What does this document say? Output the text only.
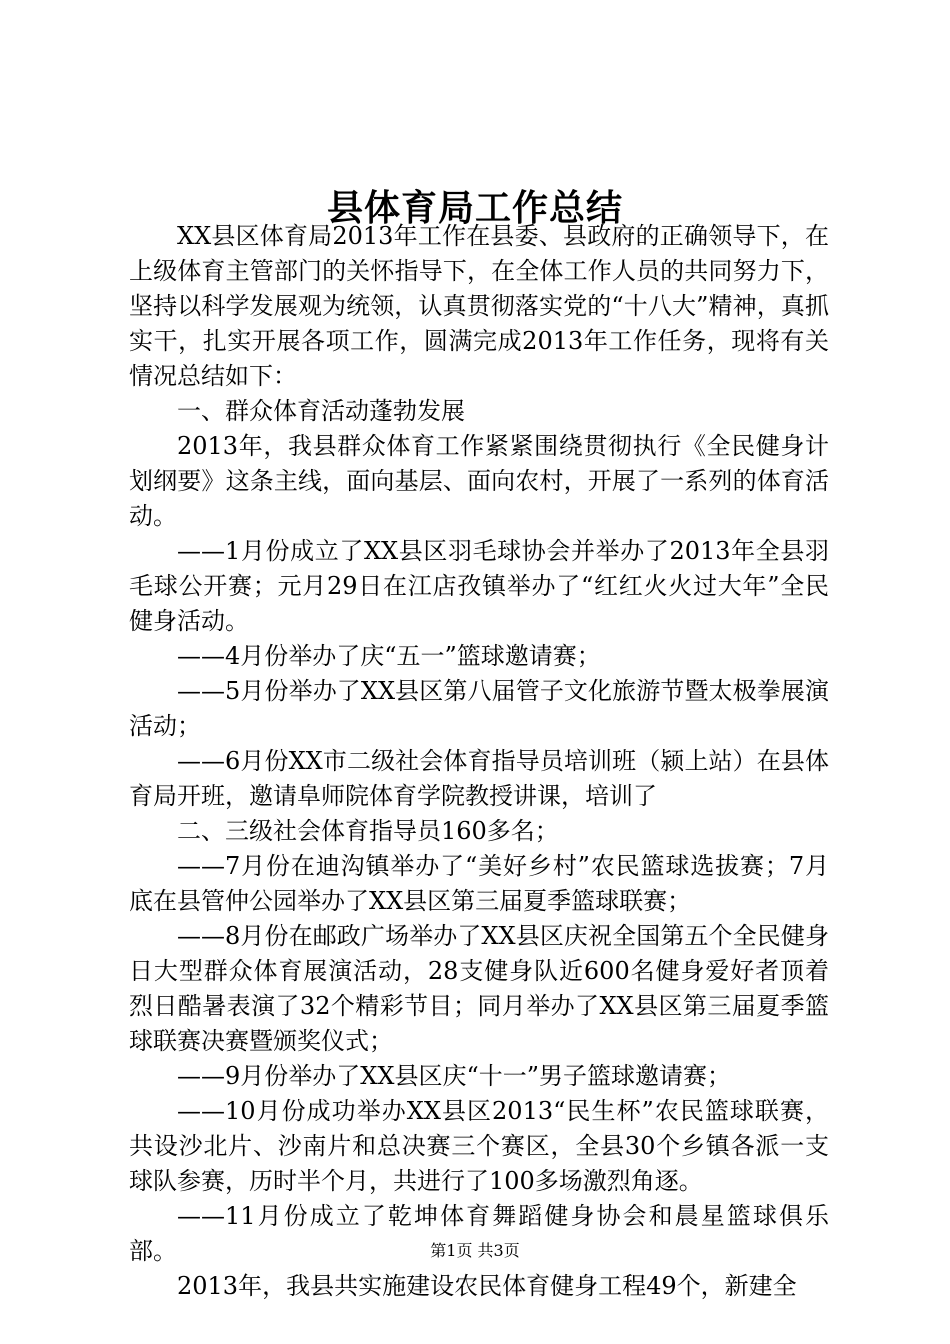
县体育局工作总结

XX县区体育局2013年工作在县委、县政府的正确领导下，在上级体育主管部门的关怀指导下，在全体工作人员的共同努力下，坚持以科学发展观为统领，认真贯彻落实党的“十八大”精神，真抓实干，扎实开展各项工作，圆满完成2013年工作任务，现将有关情况总结如下：

一、群众体育活动蓬勃发展

2013年，我县群众体育工作紧紧围绕贯彻执行《全民健身计划纲要》这条主线，面向基层、面向农村，开展了一系列的体育活动。

——1月份成立了XX县区羽毛球协会并举办了2013年全县羽毛球公开赛；元月29日在江店孜镇举办了“红红火火过大年”全民健身活动。

——4月份举办了庆“五一”篮球邀请赛；

——5月份举办了XX县区第八届管子文化旅游节暨太极拳展演活动；

——6月份XX市二级社会体育指导员培训班（颍上站）在县体育局开班，邀请阜师院体育学院教授讲课，培训了

二、三级社会体育指导员160多名；

——7月份在迪沟镇举办了“美好乡村”农民篮球选拔赛；7月底在县管仲公园举办了XX县区第三届夏季篮球联赛；

——8月份在邮政广场举办了XX县区庆祝全国第五个全民健身日大型群众体育展演活动，28支健身队近600名健身爱好者顶着烈日酷暑表演了32个精彩节目；同月举办了XX县区第三届夏季篮球联赛决赛暨颁奖仪式；

——9月份举办了XX县区庆“十一”男子篮球邀请赛；

——10月份成功举办XX县区2013“民生杯”农民篮球联赛，共设沙北片、沙南片和总决赛三个赛区，全县30个乡镇各派一支球队参赛，历时半个月，共进行了100多场激烈角逐。

——11月份成立了乾坤体育舞蹈健身协会和晨星篮球俱乐部。

2013年，我县共实施建设农民体育健身工程49个，新建全

第1页 共3页
